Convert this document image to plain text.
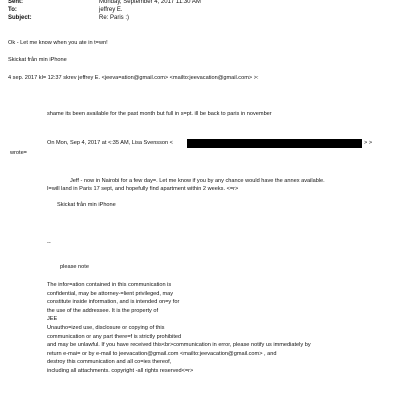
Sent:	Monday, September 4, 2017 11:30 AM
To:	jeffrey E.
Subject:	Re: Paris :)
Ok - Let me know when you ate in t=wn!
Skickat från min iPhone
4 sep. 2017 kl= 12:37 skrev jeffrey E. <jeeva=ation@gmail.com> <mailto:jeevacation@gmail.com> >:
shame its been available for the past month but full in s=pt. ill be back to paris in november
On Mon, Sep 4, 2017 at <:35 AM, Lisa Svensson <	> >
wrote=
Jeff - now in Nairobi for a few day=. Let me know if you by any chance would have the annex available.
I=will land in Paris 17 sept, and hopefully find apartment within 2 weeks. <=r>
Skickat från min iPhone
--
please note

The infor=ation contained in this communication is

confidential, may be attorney-=lient privileged, may

constitute inside information, and is intended on=y for

the use of the addressee. It is the property of

JEE

Unautho=ized use, disclosure or copying of this

communication or any part there=f is strictly prohibited

and may be unlawful. If you have received this<br>communication in error, please notify us immediately by

return e-mai= or by e-mail to jeevacation@gmail.com <mailto:jeevacation@gmail.com> , and

destroy this communication and all co=ies thereof,

including all attachments. copyright -all rights reserved<=r>
